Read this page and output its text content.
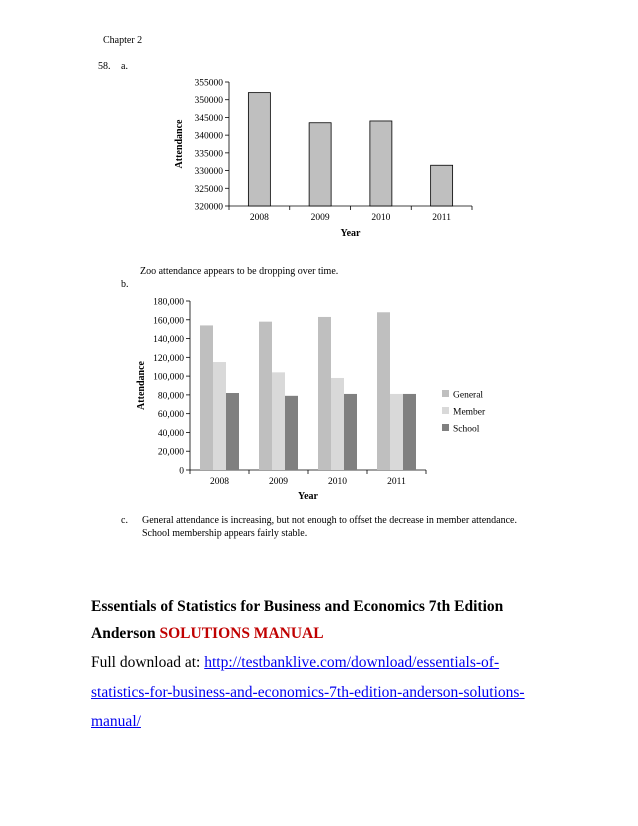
Chapter 2
58. a.
320000
325000
330000
335000
340000
345000
350000
355000
2008	2009	2010	2011
Year
Attendance
Zoo attendance appears to be dropping over time.
b.
0
20,000
40,000
60,000
80,000
100,000
120,000
140,000
160,000
180,000
2008	2009	2010	2011
Year
Attendance	General
Member
School
c. General attendance is increasing, but not enough to offset the decrease in member attendance.
School membership appears fairly stable.
Essentials of Statistics for Business and Economics 7th Edition
Anderson SOLUTIONS MANUAL
Full download at: http://testbanklive.com/download/essentials-of-
statistics-for-business-and-economics-7th-edition-anderson-solutions-
manual/
